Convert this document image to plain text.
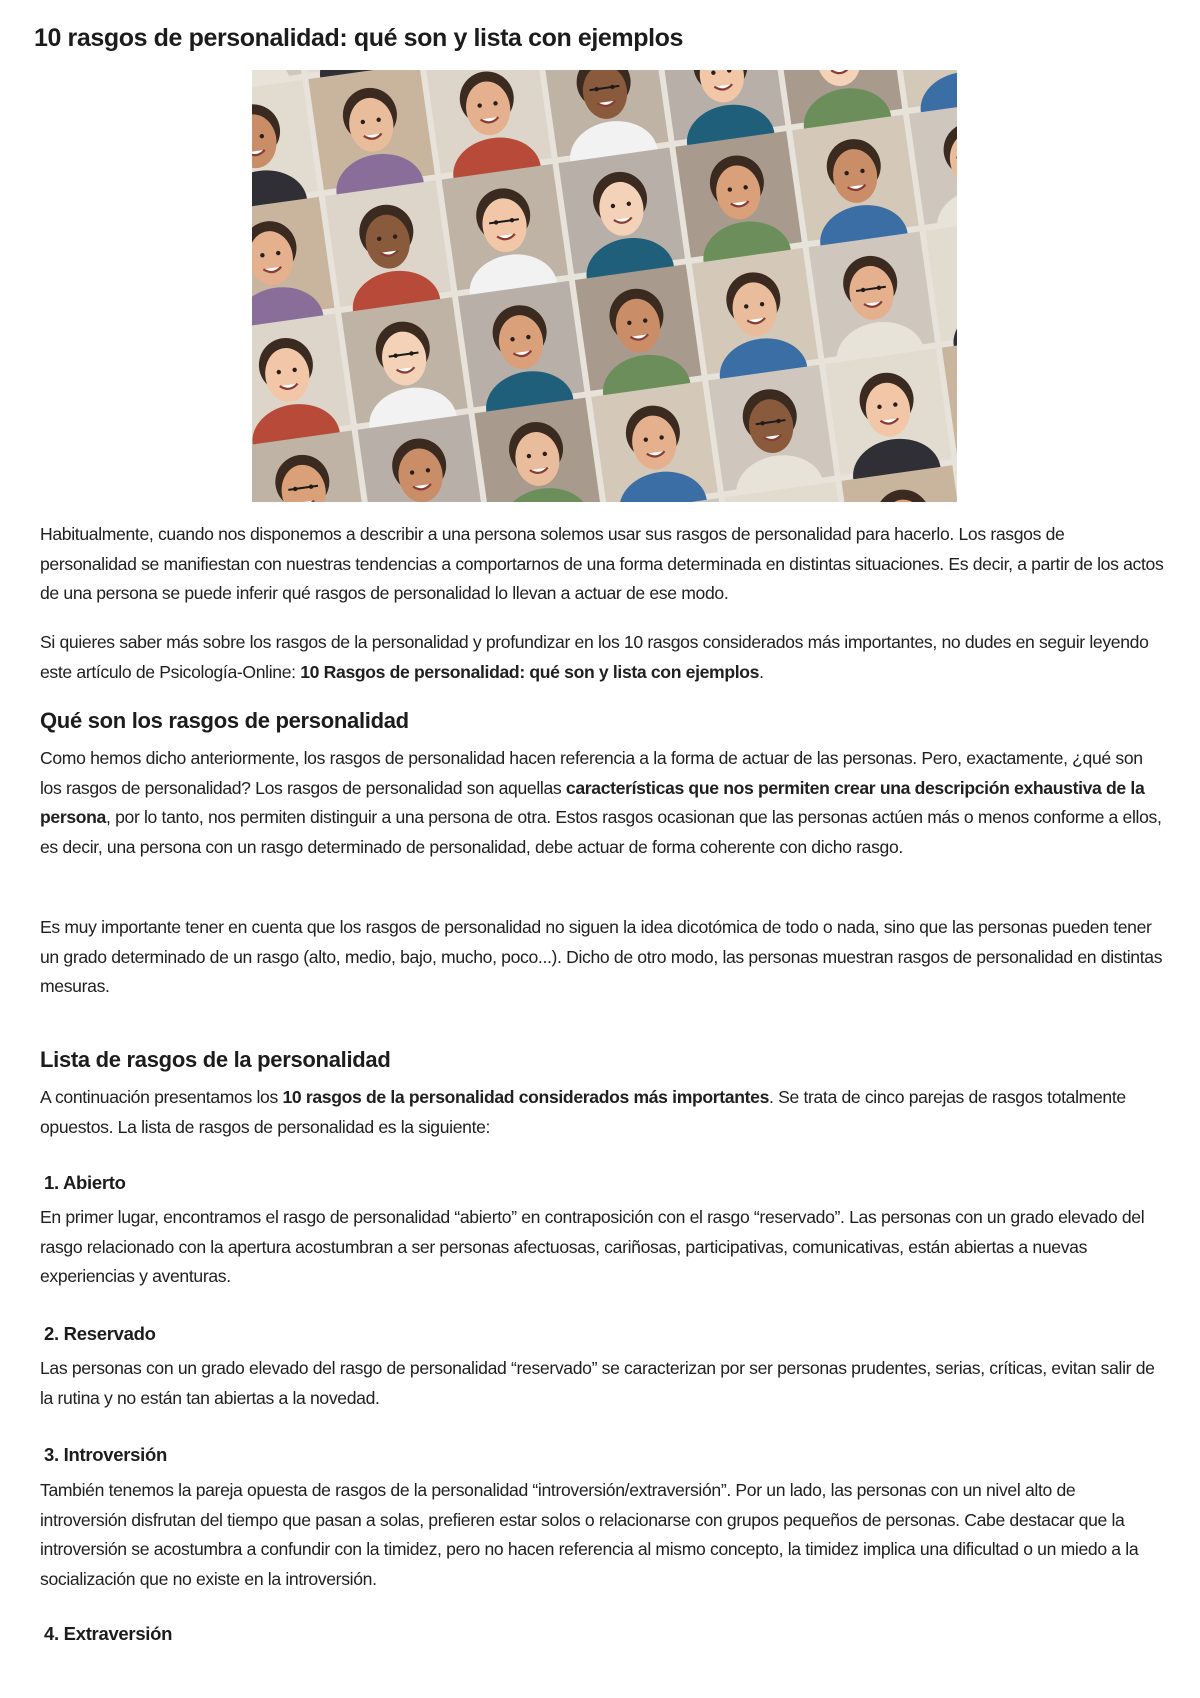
10 rasgos de personalidad: qué son y lista con ejemplos

Habitualmente, cuando nos disponemos a describir a una persona solemos usar sus rasgos de personalidad para hacerlo. Los rasgos de personalidad se manifiestan con nuestras tendencias a comportarnos de una forma determinada en distintas situaciones. Es decir, a partir de los actos de una persona se puede inferir qué rasgos de personalidad lo llevan a actuar de ese modo.

Si quieres saber más sobre los rasgos de la personalidad y profundizar en los 10 rasgos considerados más importantes, no dudes en seguir leyendo este artículo de Psicología-Online: 10 Rasgos de personalidad: qué son y lista con ejemplos.

Qué son los rasgos de personalidad

Como hemos dicho anteriormente, los rasgos de personalidad hacen referencia a la forma de actuar de las personas. Pero, exactamente, ¿qué son los rasgos de personalidad? Los rasgos de personalidad son aquellas características que nos permiten crear una descripción exhaustiva de la persona, por lo tanto, nos permiten distinguir a una persona de otra. Estos rasgos ocasionan que las personas actúen más o menos conforme a ellos, es decir, una persona con un rasgo determinado de personalidad, debe actuar de forma coherente con dicho rasgo.

Es muy importante tener en cuenta que los rasgos de personalidad no siguen la idea dicotómica de todo o nada, sino que las personas pueden tener un grado determinado de un rasgo (alto, medio, bajo, mucho, poco...). Dicho de otro modo, las personas muestran rasgos de personalidad en distintas mesuras.

Lista de rasgos de la personalidad

A continuación presentamos los 10 rasgos de la personalidad considerados más importantes. Se trata de cinco parejas de rasgos totalmente opuestos. La lista de rasgos de personalidad es la siguiente:

1. Abierto

En primer lugar, encontramos el rasgo de personalidad “abierto” en contraposición con el rasgo “reservado”. Las personas con un grado elevado del rasgo relacionado con la apertura acostumbran a ser personas afectuosas, cariñosas, participativas, comunicativas, están abiertas a nuevas experiencias y aventuras.

2. Reservado

Las personas con un grado elevado del rasgo de personalidad “reservado” se caracterizan por ser personas prudentes, serias, críticas, evitan salir de la rutina y no están tan abiertas a la novedad.

3. Introversión

También tenemos la pareja opuesta de rasgos de la personalidad “introversión/extraversión”. Por un lado, las personas con un nivel alto de introversión disfrutan del tiempo que pasan a solas, prefieren estar solos o relacionarse con grupos pequeños de personas. Cabe destacar que la introversión se acostumbra a confundir con la timidez, pero no hacen referencia al mismo concepto, la timidez implica una dificultad o un miedo a la socialización que no existe en la introversión.

4. Extraversión
